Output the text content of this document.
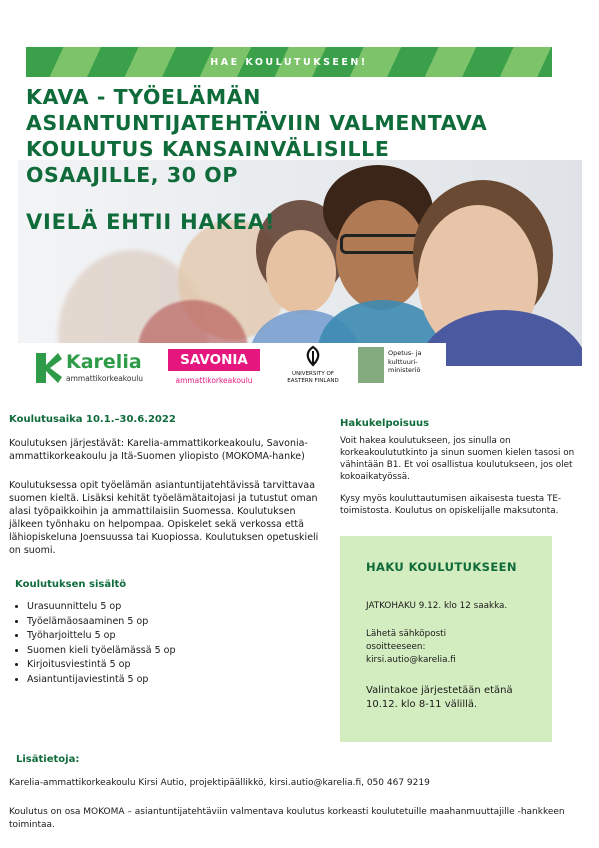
HAE KOULUTUKSEEN!
KAVA - TYÖELÄMÄN
ASIANTUNTIJATEHTÄVIIN VALMENTAVA
KOULUTUS KANSAINVÄLISILLE
OSAAJILLE, 30 OP
VIELÄ EHTII HAKEA!
Karelia
ammattikorkeakoulu
SAVONIA
ammattikorkeakoulu
UNIVERSITY OF
EASTERN FINLAND
Opetus- ja
kulttuuri-
ministeriö
Koulutusaika 10.1.–30.6.2022

Koulutuksen järjestävät: Karelia-ammattikorkeakoulu, Savonia-ammattikorkeakoulu ja Itä-Suomen yliopisto (MOKOMA-hanke)

Koulutuksessa opit työelämän asiantuntijatehtävissä tarvittavaa suomen kieltä. Lisäksi kehität työelämätaitojasi ja tutustut oman alasi työpaikkoihin ja ammattilaisiin Suomessa. Koulutuksen jälkeen työnhaku on helpompaa. Opiskelet sekä verkossa että lähiopiskeluna Joensuussa tai Kuopiossa. Koulutuksen opetuskieli on suomi.

Koulutuksen sisältö
• Urasuunnittelu 5 op
• Työelämäosaaminen 5 op
• Työharjoittelu 5 op
• Suomen kieli työelämässä 5 op
• Kirjoitusviestintä 5 op
• Asiantuntijaviestintä 5 op
Hakukelpoisuus

Voit hakea koulutukseen, jos sinulla on korkeakoulututkinto ja sinun suomen kielen tasosi on vähintään B1. Et voi osallistua koulutukseen, jos olet kokoaikatyössä.

Kysy myös kouluttautumisen aikaisesta tuesta TE-toimistosta. Koulutus on opiskelijalle maksutonta.

HAKU KOULUTUKSEEN
JATKOHAKU 9.12. klo 12 saakka.
Lähetä sähköposti osoitteeseen:
kirsi.autio@karelia.fi
Valintakoe järjestetään etänä 10.12. klo 8-11 välillä.
Lisätietoja:

Karelia-ammattikorkeakoulu Kirsi Autio, projektipäällikkö, kirsi.autio@karelia.fi, 050 467 9219

Koulutus on osa MOKOMA – asiantuntijatehtäviin valmentava koulutus korkeasti koulutetuille maahanmuuttajille -hankkeen toimintaa.
